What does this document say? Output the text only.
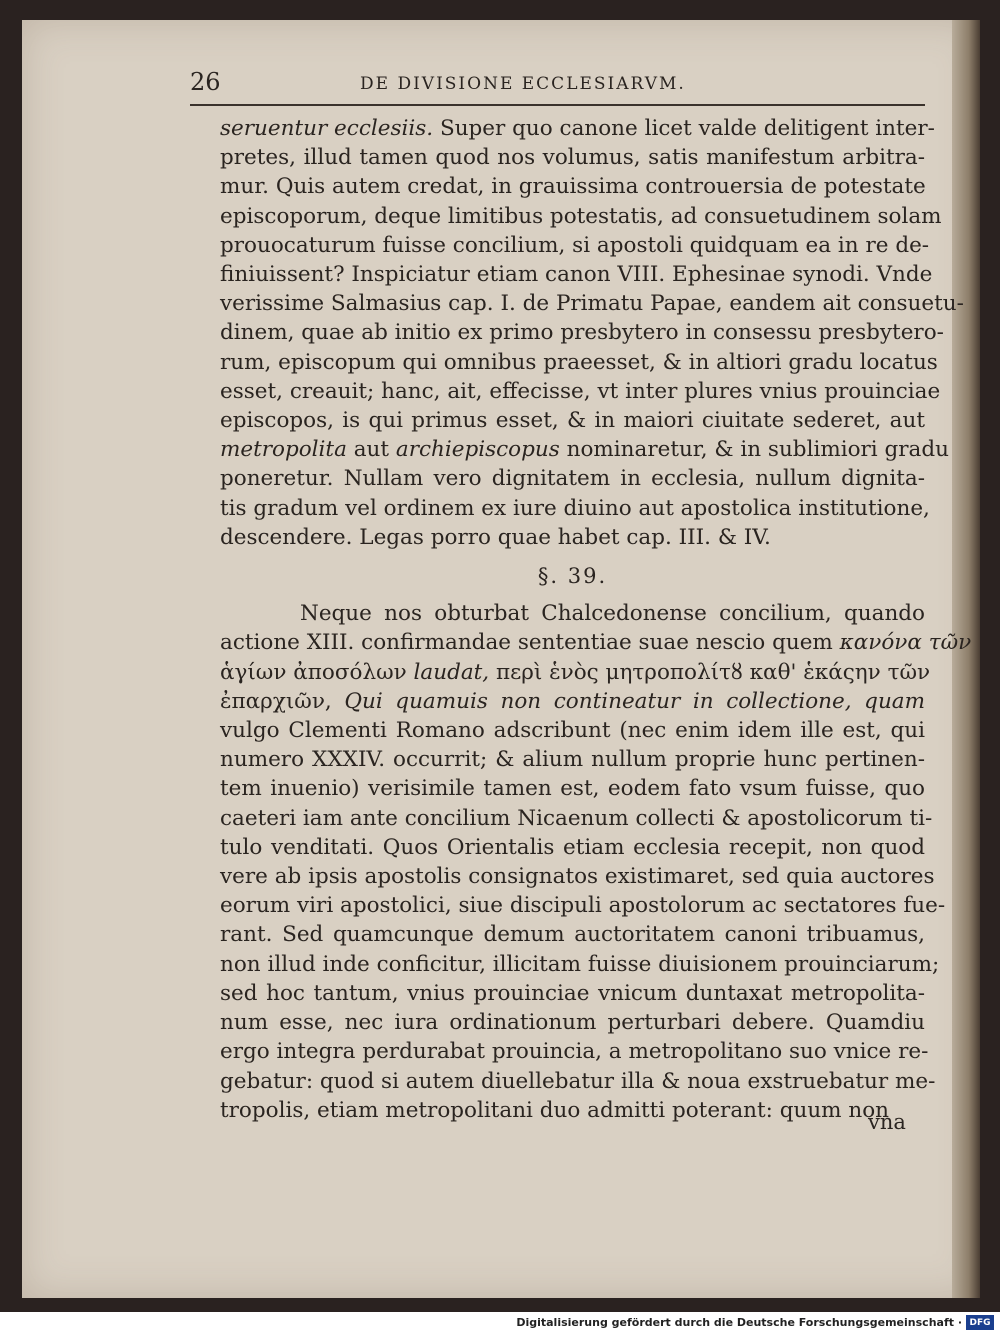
26	DE DIVISIONE ECCLESIARVM.
seruentur ecclesiis. Super quo canone licet valde delitigent inter-
pretes, illud tamen quod nos volumus, satis manifestum arbitra-
mur. Quis autem credat, in grauissima controuersia de potestate
episcoporum, deque limitibus potestatis, ad consuetudinem solam
prouocaturum fuisse concilium, si apostoli quidquam ea in re de-
finiuissent? Inspiciatur etiam canon VIII. Ephesinae synodi. Vnde
verissime Salmasius cap. I. de Primatu Papae, eandem ait consuetu-
dinem, quae ab initio ex primo presbytero in consessu presbytero-
rum, episcopum qui omnibus praeesset, & in altiori gradu locatus
esset, creauit; hanc, ait, effecisse, vt inter plures vnius prouinciae
episcopos, is qui primus esset, & in maiori ciuitate sederet, aut
metropolita aut archiepiscopus nominaretur, & in sublimiori gradu
poneretur. Nullam vero dignitatem in ecclesia, nullum dignita-
tis gradum vel ordinem ex iure diuino aut apostolica institutione,
descendere. Legas porro quae habet cap. III. & IV.
§. 39.
Neque nos obturbat Chalcedonense concilium, quando
actione XIII. confirmandae sententiae suae nescio quem κανόνα τῶν
ἁγίων ἀποσόλων laudat, περὶ ἑνὸς μητροπολίτȣ καθ' ἑκάςην τῶν
ἐπαρχιῶν, Qui quamuis non contineatur in collectione, quam
vulgo Clementi Romano adscribunt (nec enim idem ille est, qui
numero XXXIV. occurrit; & alium nullum proprie hunc pertinen-
tem inuenio) verisimile tamen est, eodem fato vsum fuisse, quo
caeteri iam ante concilium Nicaenum collecti & apostolicorum ti-
tulo venditati. Quos Orientalis etiam ecclesia recepit, non quod
vere ab ipsis apostolis consignatos existimaret, sed quia auctores
eorum viri apostolici, siue discipuli apostolorum ac sectatores fue-
rant. Sed quamcunque demum auctoritatem canoni tribuamus,
non illud inde conficitur, illicitam fuisse diuisionem prouinciarum;
sed hoc tantum, vnius prouinciae vnicum duntaxat metropolita-
num esse, nec iura ordinationum perturbari debere. Quamdiu
ergo integra perdurabat prouincia, a metropolitano suo vnice re-
gebatur: quod si autem diuellebatur illa & noua exstruebatur me-
tropolis, etiam metropolitani duo admitti poterant: quum non
vna
Digitalisierung gefördert durch die Deutsche Forschungsgemeinschaft · DFG
